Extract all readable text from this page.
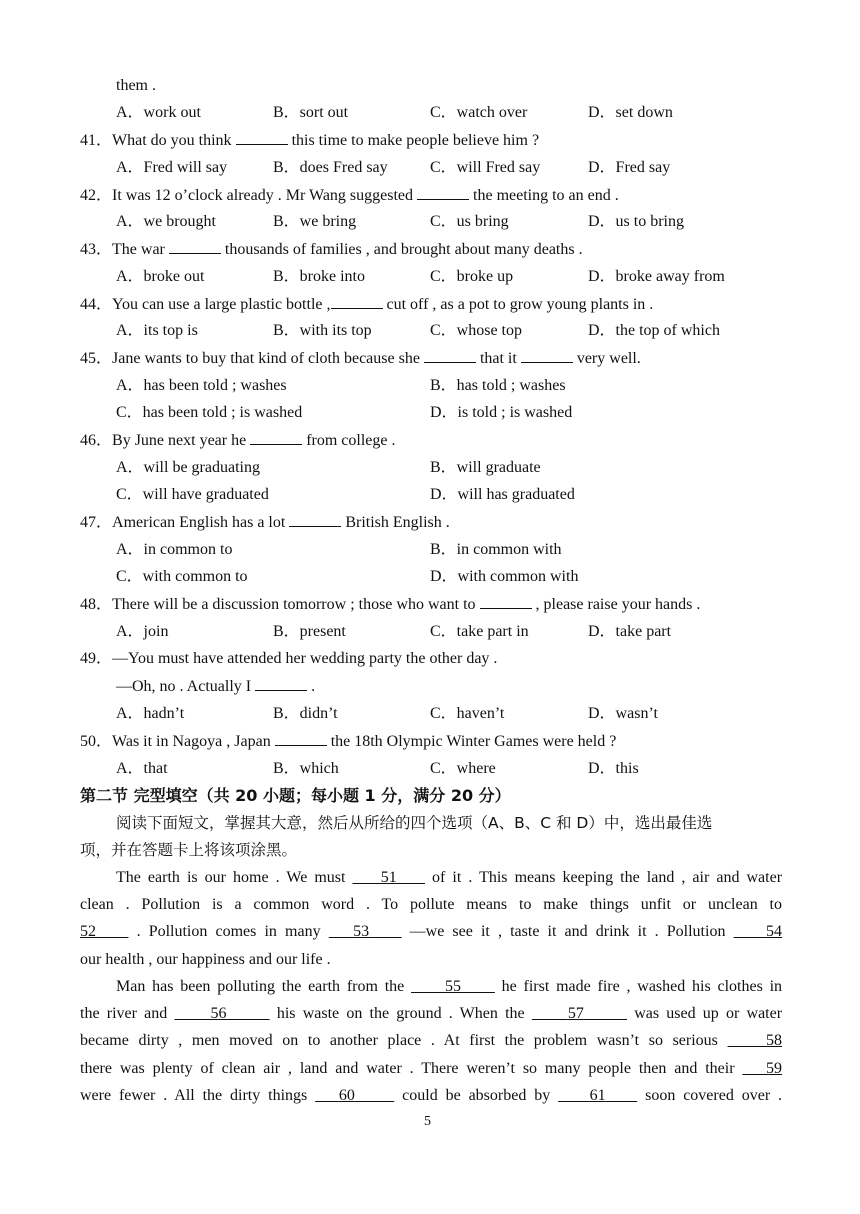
them .
A．work out	B．sort out	C．watch over	D．set down
41．What do you think	this time to make people believe him ?
A．Fred will say	B．does Fred say	C．will Fred say	D．Fred say
42．It was 12 o’clock already . Mr Wang suggested	the meeting to an end .
A．we brought	B．we bring	C．us bring	D．us to bring
43．The war	thousands of families , and brought about many deaths .
A．broke out	B．broke into	C．broke up	D．broke away from
44．You can use a large plastic bottle ,	cut off , as a pot to grow young plants in .
A．its top is	B．with its top	C．whose top	D．the top of which
45．Jane wants to buy that kind of cloth because she	that it	very well.
A．has been told ; washes	B．has told ; washes
C．has been told ; is washed	D．is told ; is washed
46．By June next year he	from college .
A．will be graduating	B．will graduate
C．will have graduated	D．will has graduated
47．American English has a lot	British English .
A．in common to	B．in common with
C．with common to	D．with common with
48．There will be a discussion tomorrow ; those who want to	, please raise your hands .
A．join	B．present	C．take part in	D．take part
49．—You must have attended her wedding party the other day .
—Oh, no . Actually I	.
A．hadn’t	B．didn’t	C．haven’t	D．wasn’t
50．Was it in Nagoya , Japan	the 18th Olympic Winter Games were held ?
A．that	B．which	C．where	D．this
第二节 完型填空（共 20 小题；每小题 1 分，满分 20 分）
阅读下面短文，掌握其大意，然后从所给的四个选项（A、B、C 和 D）中，选出最佳选
项，并在答题卡上将该项涂黑。
The earth is our home . We must     51     of it . This means keeping the land , air and water
clean . Pollution is a common word . To pollute means to make things unfit or unclean to
52     . Pollution comes in many    53     —we see it , taste it and drink it . Pollution     54
our health , our happiness and our life .
Man has been polluting the earth from the      55      he first made fire , washed his clothes in
the river and      56	his waste on the ground . When the      57	was used up or water
became dirty , men moved on to another place . At first the problem wasn’t so serious     58
there was plenty of clean air , land and water . There weren’t so many people then and their    59
were fewer . All the dirty things    60      could be absorbed by     61     soon covered over .
5
